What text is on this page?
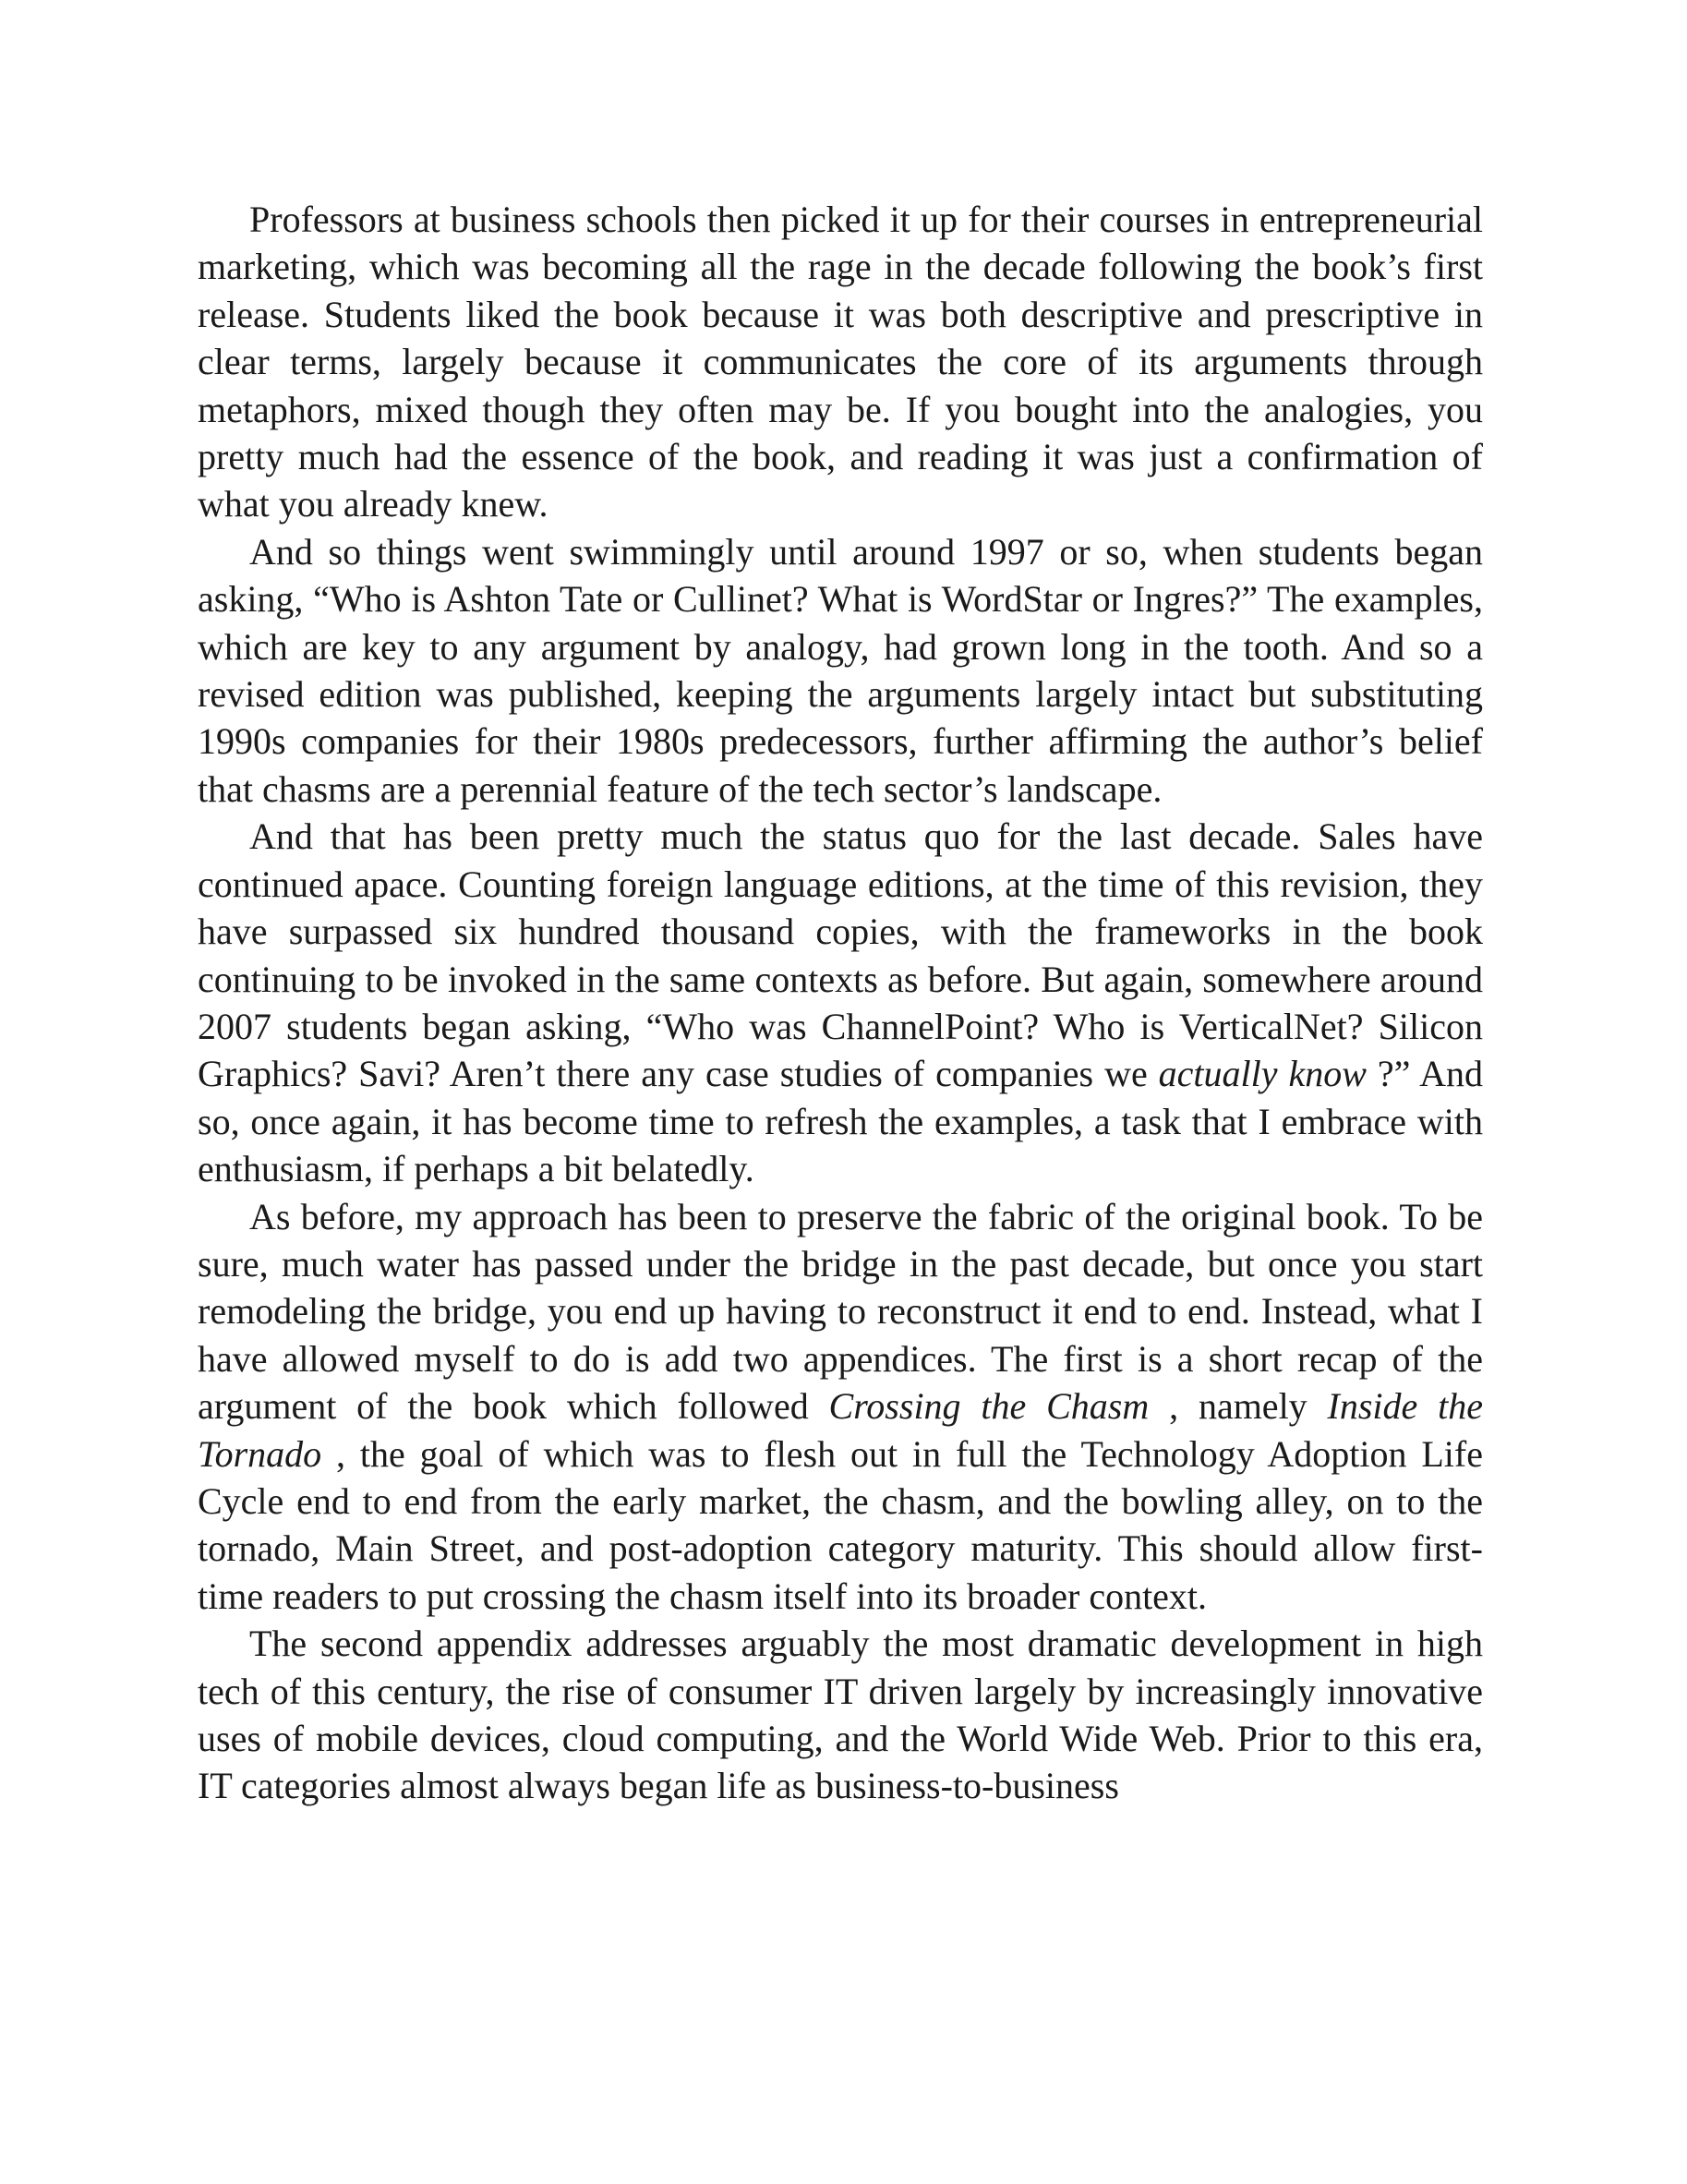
Professors at business schools then picked it up for their courses in entrepreneurial marketing, which was becoming all the rage in the decade following the book’s first release. Students liked the book because it was both descriptive and prescriptive in clear terms, largely because it communicates the core of its arguments through metaphors, mixed though they often may be. If you bought into the analogies, you pretty much had the essence of the book, and reading it was just a confirmation of what you already knew.

And so things went swimmingly until around 1997 or so, when students began asking, “Who is Ashton Tate or Cullinet? What is WordStar or Ingres?” The examples, which are key to any argument by analogy, had grown long in the tooth. And so a revised edition was published, keeping the arguments largely intact but substituting 1990s companies for their 1980s predecessors, further affirming the author’s belief that chasms are a perennial feature of the tech sector’s landscape.

And that has been pretty much the status quo for the last decade. Sales have continued apace. Counting foreign language editions, at the time of this revision, they have surpassed six hundred thousand copies, with the frameworks in the book continuing to be invoked in the same contexts as before. But again, somewhere around 2007 students began asking, “Who was ChannelPoint? Who is VerticalNet? Silicon Graphics? Savi? Aren’t there any case studies of companies we actually know ?” And so, once again, it has become time to refresh the examples, a task that I embrace with enthusiasm, if perhaps a bit belatedly.

As before, my approach has been to preserve the fabric of the original book. To be sure, much water has passed under the bridge in the past decade, but once you start remodeling the bridge, you end up having to reconstruct it end to end. Instead, what I have allowed myself to do is add two appendices. The first is a short recap of the argument of the book which followed Crossing the Chasm , namely Inside the Tornado , the goal of which was to flesh out in full the Technology Adoption Life Cycle end to end from the early market, the chasm, and the bowling alley, on to the tornado, Main Street, and post-adoption category maturity. This should allow first-time readers to put crossing the chasm itself into its broader context.

The second appendix addresses arguably the most dramatic development in high tech of this century, the rise of consumer IT driven largely by increasingly innovative uses of mobile devices, cloud computing, and the World Wide Web. Prior to this era, IT categories almost always began life as business-to-business
